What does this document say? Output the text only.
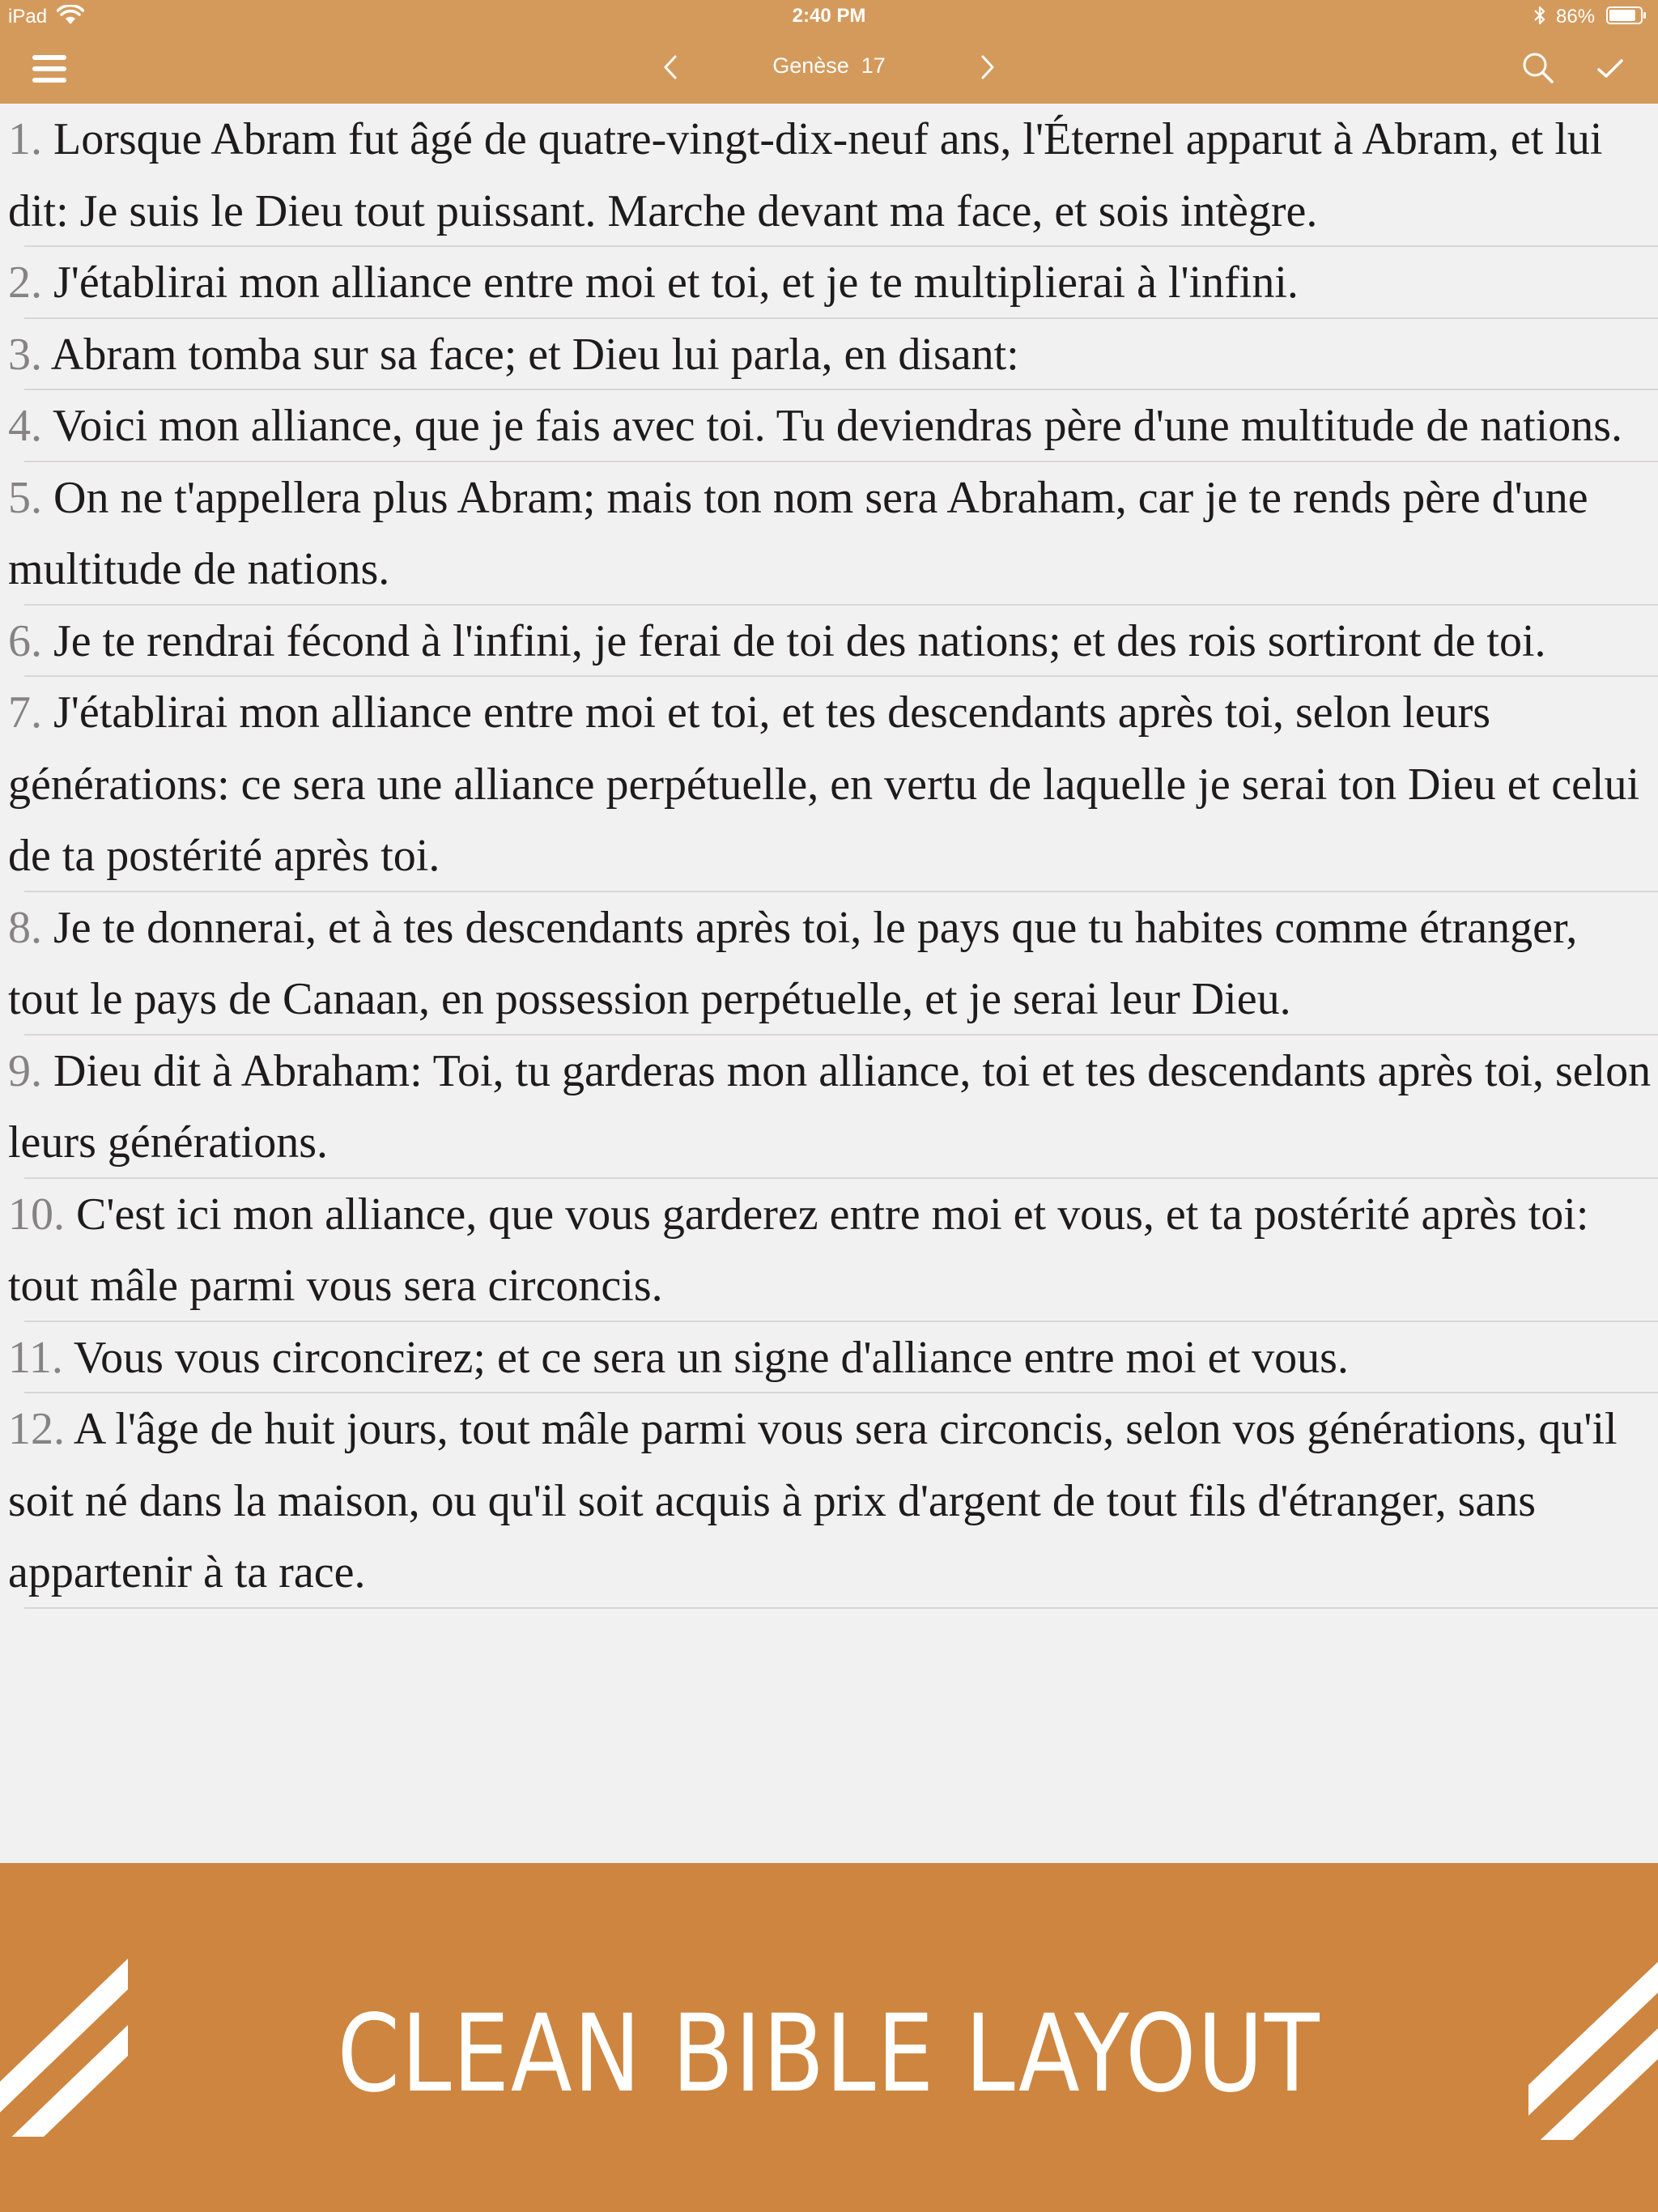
iPad	2:40 PM	86%
Genèse  17

1. Lorsque Abram fut âgé de quatre-vingt-dix-neuf ans, l'Éternel apparut à Abram, et lui dit: Je suis le Dieu tout puissant. Marche devant ma face, et sois intègre.

2. J'établirai mon alliance entre moi et toi, et je te multiplierai à l'infini.

3. Abram tomba sur sa face; et Dieu lui parla, en disant:

4. Voici mon alliance, que je fais avec toi. Tu deviendras père d'une multitude de nations.

5. On ne t'appellera plus Abram; mais ton nom sera Abraham, car je te rends père d'une multitude de nations.

6. Je te rendrai fécond à l'infini, je ferai de toi des nations; et des rois sortiront de toi.

7. J'établirai mon alliance entre moi et toi, et tes descendants après toi, selon leurs générations: ce sera une alliance perpétuelle, en vertu de laquelle je serai ton Dieu et celui de ta postérité après toi.

8. Je te donnerai, et à tes descendants après toi, le pays que tu habites comme étranger, tout le pays de Canaan, en possession perpétuelle, et je serai leur Dieu.

9. Dieu dit à Abraham: Toi, tu garderas mon alliance, toi et tes descendants après toi, selon leurs générations.

10. C'est ici mon alliance, que vous garderez entre moi et vous, et ta postérité après toi: tout mâle parmi vous sera circoncis.

11. Vous vous circoncirez; et ce sera un signe d'alliance entre moi et vous.

12. A l'âge de huit jours, tout mâle parmi vous sera circoncis, selon vos générations, qu'il soit né dans la maison, ou qu'il soit acquis à prix d'argent de tout fils d'étranger, sans appartenir à ta race.

CLEAN BIBLE LAYOUT
